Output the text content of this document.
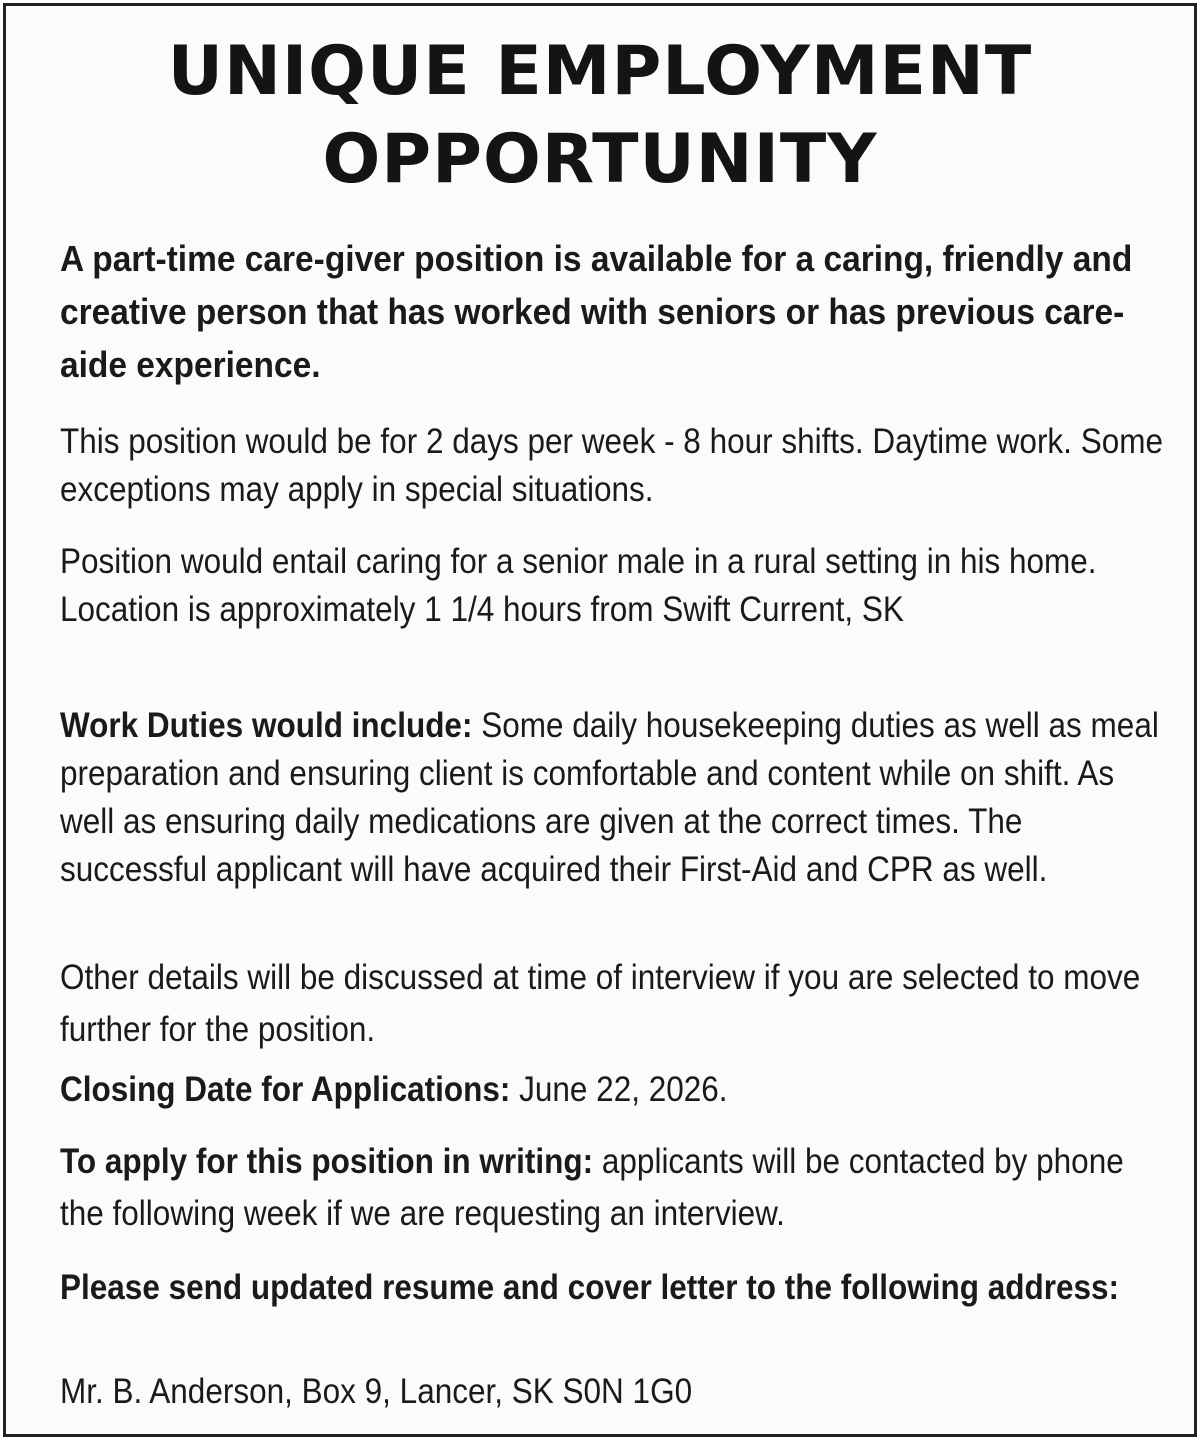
UNIQUE EMPLOYMENT
OPPORTUNITY
A part-time care-giver position is available for a caring, friendly and creative person that has worked with seniors or has previous care-aide experience.
This position would be for 2 days per week - 8 hour shifts. Daytime work. Some exceptions may apply in special situations.
Position would entail caring for a senior male in a rural setting in his home. Location is approximately 1 1/4 hours from Swift Current, SK
Work Duties would include: Some daily housekeeping duties as well as meal preparation and ensuring client is comfortable and content while on shift. As well as ensuring daily medications are given at the correct times. The successful applicant will have acquired their First-Aid and CPR as well.
Other details will be discussed at time of interview if you are selected to move further for the position.
Closing Date for Applications: June 22, 2026.
To apply for this position in writing: applicants will be contacted by phone the following week if we are requesting an interview.
Please send updated resume and cover letter to the following address:
Mr. B. Anderson, Box 9, Lancer, SK S0N 1G0
